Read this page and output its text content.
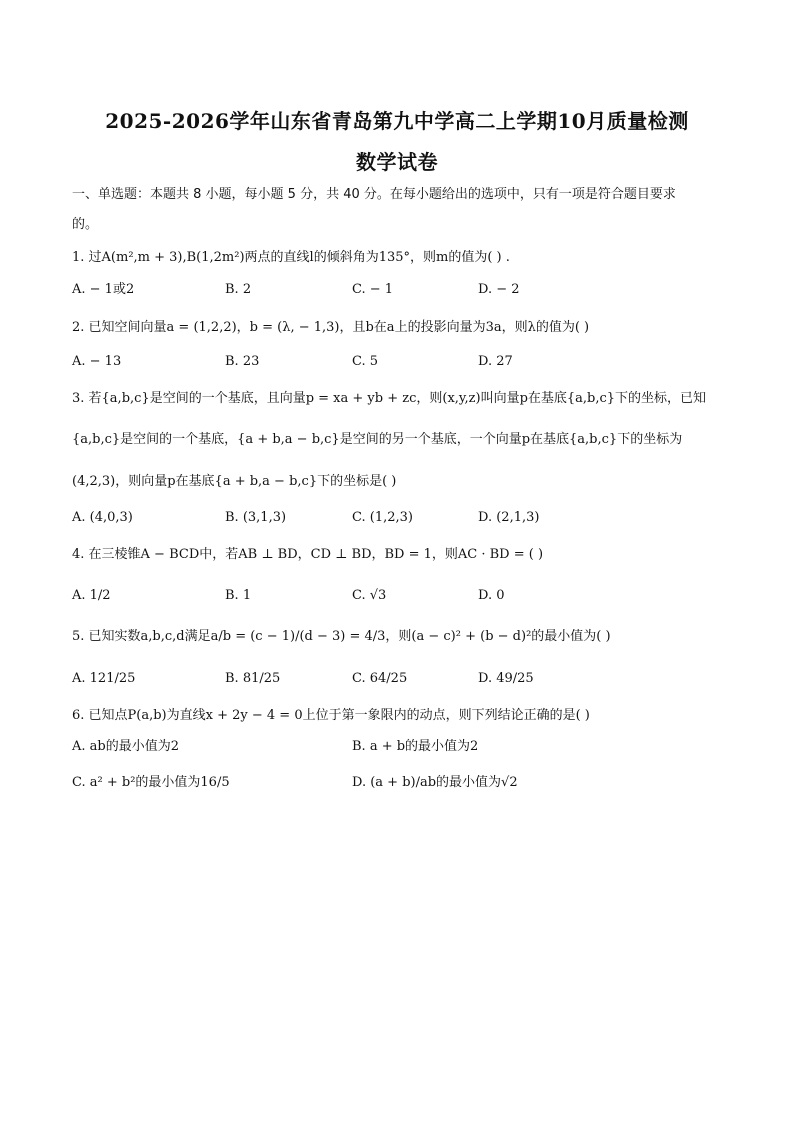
2025-2026学年山东省青岛第九中学高二上学期10月质量检测
数学试卷
一、单选题：本题共 8 小题，每小题 5 分，共 40 分。在每小题给出的选项中，只有一项是符合题目要求
的。
1. 过A(m²,m + 3),B(1,2m²)两点的直线l的倾斜角为135°，则m的值为( ) .
A. − 1或2	B. 2	C. − 1	D. − 2
2. 已知空间向量a = (1,2,2)，b = (λ, − 1,3)，且b在a上的投影向量为3a，则λ的值为( )
A. − 13	B. 23	C. 5	D. 27
3. 若{a,b,c}是空间的一个基底，且向量p = xa + yb + zc，则(x,y,z)叫向量p在基底{a,b,c}下的坐标，已知
{a,b,c}是空间的一个基底，{a + b,a − b,c}是空间的另一个基底，一个向量p在基底{a,b,c}下的坐标为
(4,2,3)，则向量p在基底{a + b,a − b,c}下的坐标是( )
A. (4,0,3)	B. (3,1,3)	C. (1,2,3)	D. (2,1,3)
4. 在三棱锥A − BCD中，若AB ⊥ BD，CD ⊥ BD，BD = 1，则AC · BD = ( )
A. 1/2	B. 1	C. √3	D. 0
5. 已知实数a,b,c,d满足a/b = (c − 1)/(d − 3) = 4/3，则(a − c)² + (b − d)²的最小值为( )
A. 121/25	B. 81/25	C. 64/25	D. 49/25
6. 已知点P(a,b)为直线x + 2y − 4 = 0上位于第一象限内的动点，则下列结论正确的是( )
A. ab的最小值为2	B. a + b的最小值为2
C. a² + b²的最小值为16/5	D. (a + b)/ab的最小值为√2
